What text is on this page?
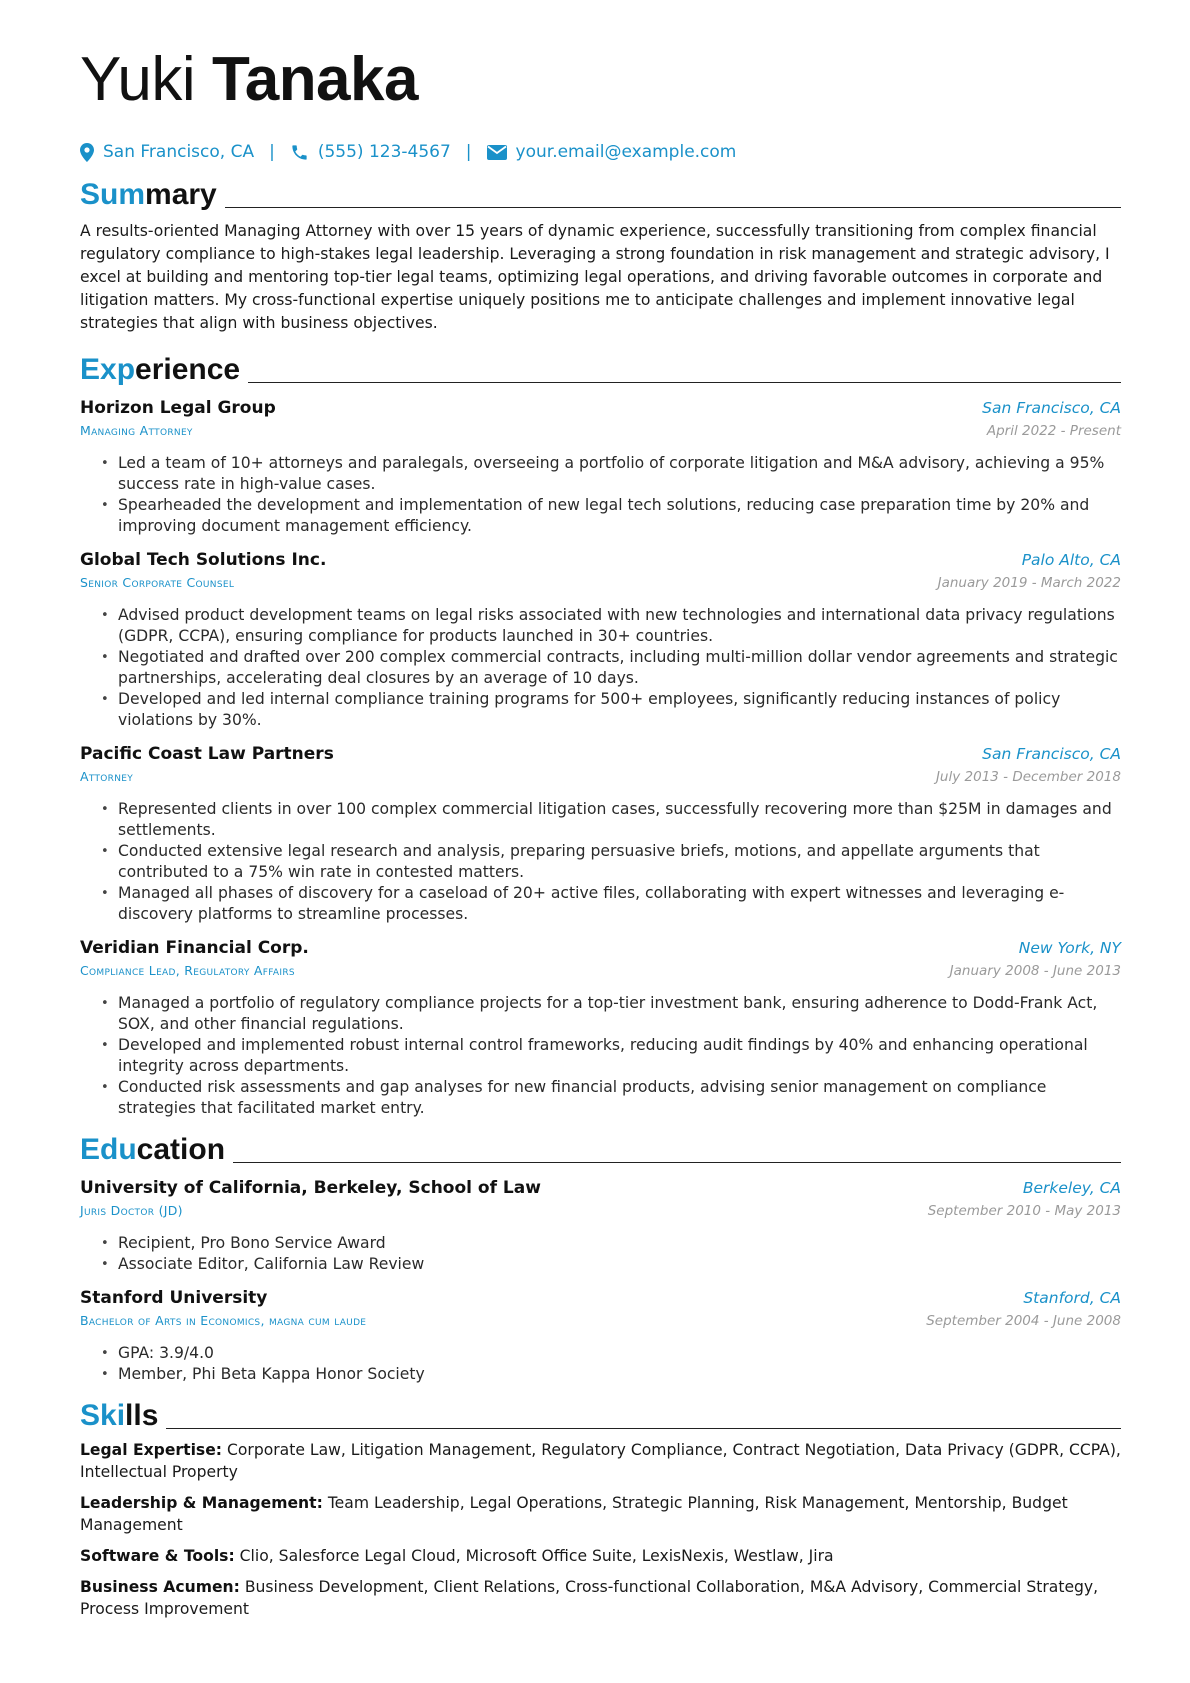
Yuki Tanaka
San Francisco, CA |	(555) 123-4567 |	your.email@example.com
Summary
A results-oriented Managing Attorney with over 15 years of dynamic experience, successfully transitioning from complex financial regulatory compliance to high-stakes legal leadership. Leveraging a strong foundation in risk management and strategic advisory, I excel at building and mentoring top-tier legal teams, optimizing legal operations, and driving favorable outcomes in corporate and litigation matters. My cross-functional expertise uniquely positions me to anticipate challenges and implement innovative legal strategies that align with business objectives.
Experience
Horizon Legal Group	San Francisco, CA
Managing Attorney	April 2022 - Present
• Led a team of 10+ attorneys and paralegals, overseeing a portfolio of corporate litigation and M&A advisory, achieving a 95% success rate in high-value cases.
• Spearheaded the development and implementation of new legal tech solutions, reducing case preparation time by 20% and improving document management efficiency.
Global Tech Solutions Inc.	Palo Alto, CA
Senior Corporate Counsel	January 2019 - March 2022
• Advised product development teams on legal risks associated with new technologies and international data privacy regulations (GDPR, CCPA), ensuring compliance for products launched in 30+ countries.
• Negotiated and drafted over 200 complex commercial contracts, including multi-million dollar vendor agreements and strategic partnerships, accelerating deal closures by an average of 10 days.
• Developed and led internal compliance training programs for 500+ employees, significantly reducing instances of policy violations by 30%.
Pacific Coast Law Partners	San Francisco, CA
Attorney	July 2013 - December 2018
• Represented clients in over 100 complex commercial litigation cases, successfully recovering more than $25M in damages and settlements.
• Conducted extensive legal research and analysis, preparing persuasive briefs, motions, and appellate arguments that contributed to a 75% win rate in contested matters.
• Managed all phases of discovery for a caseload of 20+ active files, collaborating with expert witnesses and leveraging e-discovery platforms to streamline processes.
Veridian Financial Corp.	New York, NY
Compliance Lead, Regulatory Affairs	January 2008 - June 2013
• Managed a portfolio of regulatory compliance projects for a top-tier investment bank, ensuring adherence to Dodd-Frank Act, SOX, and other financial regulations.
• Developed and implemented robust internal control frameworks, reducing audit findings by 40% and enhancing operational integrity across departments.
• Conducted risk assessments and gap analyses for new financial products, advising senior management on compliance strategies that facilitated market entry.
Education
University of California, Berkeley, School of Law	Berkeley, CA
Juris Doctor (JD)	September 2010 - May 2013
• Recipient, Pro Bono Service Award
• Associate Editor, California Law Review
Stanford University	Stanford, CA
Bachelor of Arts in Economics, magna cum laude	September 2004 - June 2008
• GPA: 3.9/4.0
• Member, Phi Beta Kappa Honor Society
Skills
Legal Expertise: Corporate Law, Litigation Management, Regulatory Compliance, Contract Negotiation, Data Privacy (GDPR, CCPA), Intellectual Property
Leadership & Management: Team Leadership, Legal Operations, Strategic Planning, Risk Management, Mentorship, Budget Management
Software & Tools: Clio, Salesforce Legal Cloud, Microsoft Office Suite, LexisNexis, Westlaw, Jira
Business Acumen: Business Development, Client Relations, Cross-functional Collaboration, M&A Advisory, Commercial Strategy, Process Improvement
